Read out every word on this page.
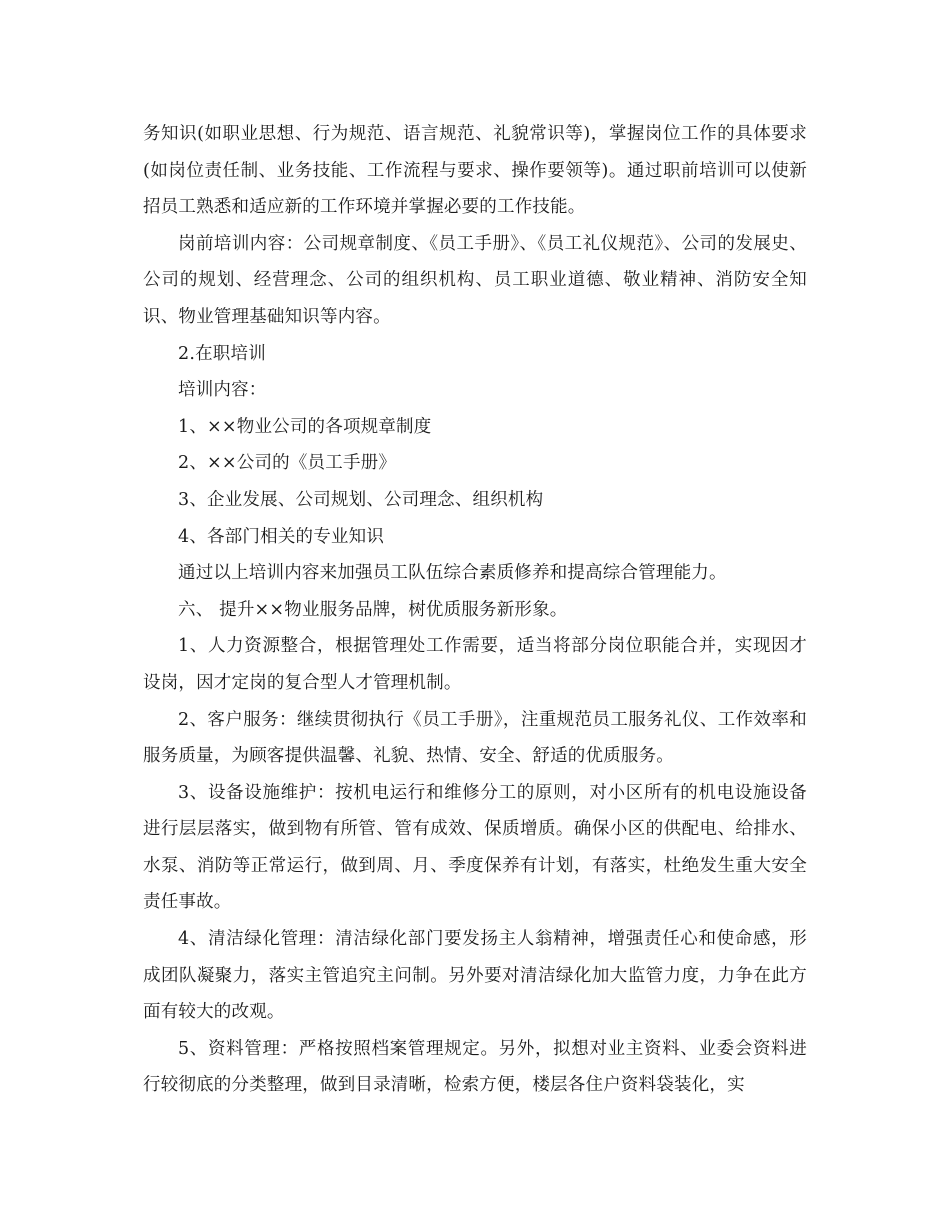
务知识(如职业思想、行为规范、语言规范、礼貌常识等)，掌握岗位工作的具体要求(如岗位责任制、业务技能、工作流程与要求、操作要领等)。通过职前培训可以使新招员工熟悉和适应新的工作环境并掌握必要的工作技能。

岗前培训内容：公司规章制度、《员工手册》、《员工礼仪规范》、公司的发展史、公司的规划、经营理念、公司的组织机构、员工职业道德、敬业精神、消防安全知识、物业管理基础知识等内容。

2.在职培训

培训内容：

1、××物业公司的各项规章制度

2、××公司的《员工手册》

3、企业发展、公司规划、公司理念、组织机构

4、各部门相关的专业知识

通过以上培训内容来加强员工队伍综合素质修养和提高综合管理能力。

六、 提升××物业服务品牌，树优质服务新形象。

1、人力资源整合，根据管理处工作需要，适当将部分岗位职能合并，实现因才设岗，因才定岗的复合型人才管理机制。

2、客户服务：继续贯彻执行《员工手册》，注重规范员工服务礼仪、工作效率和服务质量，为顾客提供温馨、礼貌、热情、安全、舒适的优质服务。

3、设备设施维护：按机电运行和维修分工的原则，对小区所有的机电设施设备进行层层落实，做到物有所管、管有成效、保质增质。确保小区的供配电、给排水、水泵、消防等正常运行，做到周、月、季度保养有计划，有落实，杜绝发生重大安全责任事故。

4、清洁绿化管理：清洁绿化部门要发扬主人翁精神，增强责任心和使命感，形成团队凝聚力，落实主管追究主问制。另外要对清洁绿化加大监管力度，力争在此方面有较大的改观。

5、资料管理：严格按照档案管理规定。另外，拟想对业主资料、业委会资料进行较彻底的分类整理，做到目录清晰，检索方便，楼层各住户资料袋装化，实
